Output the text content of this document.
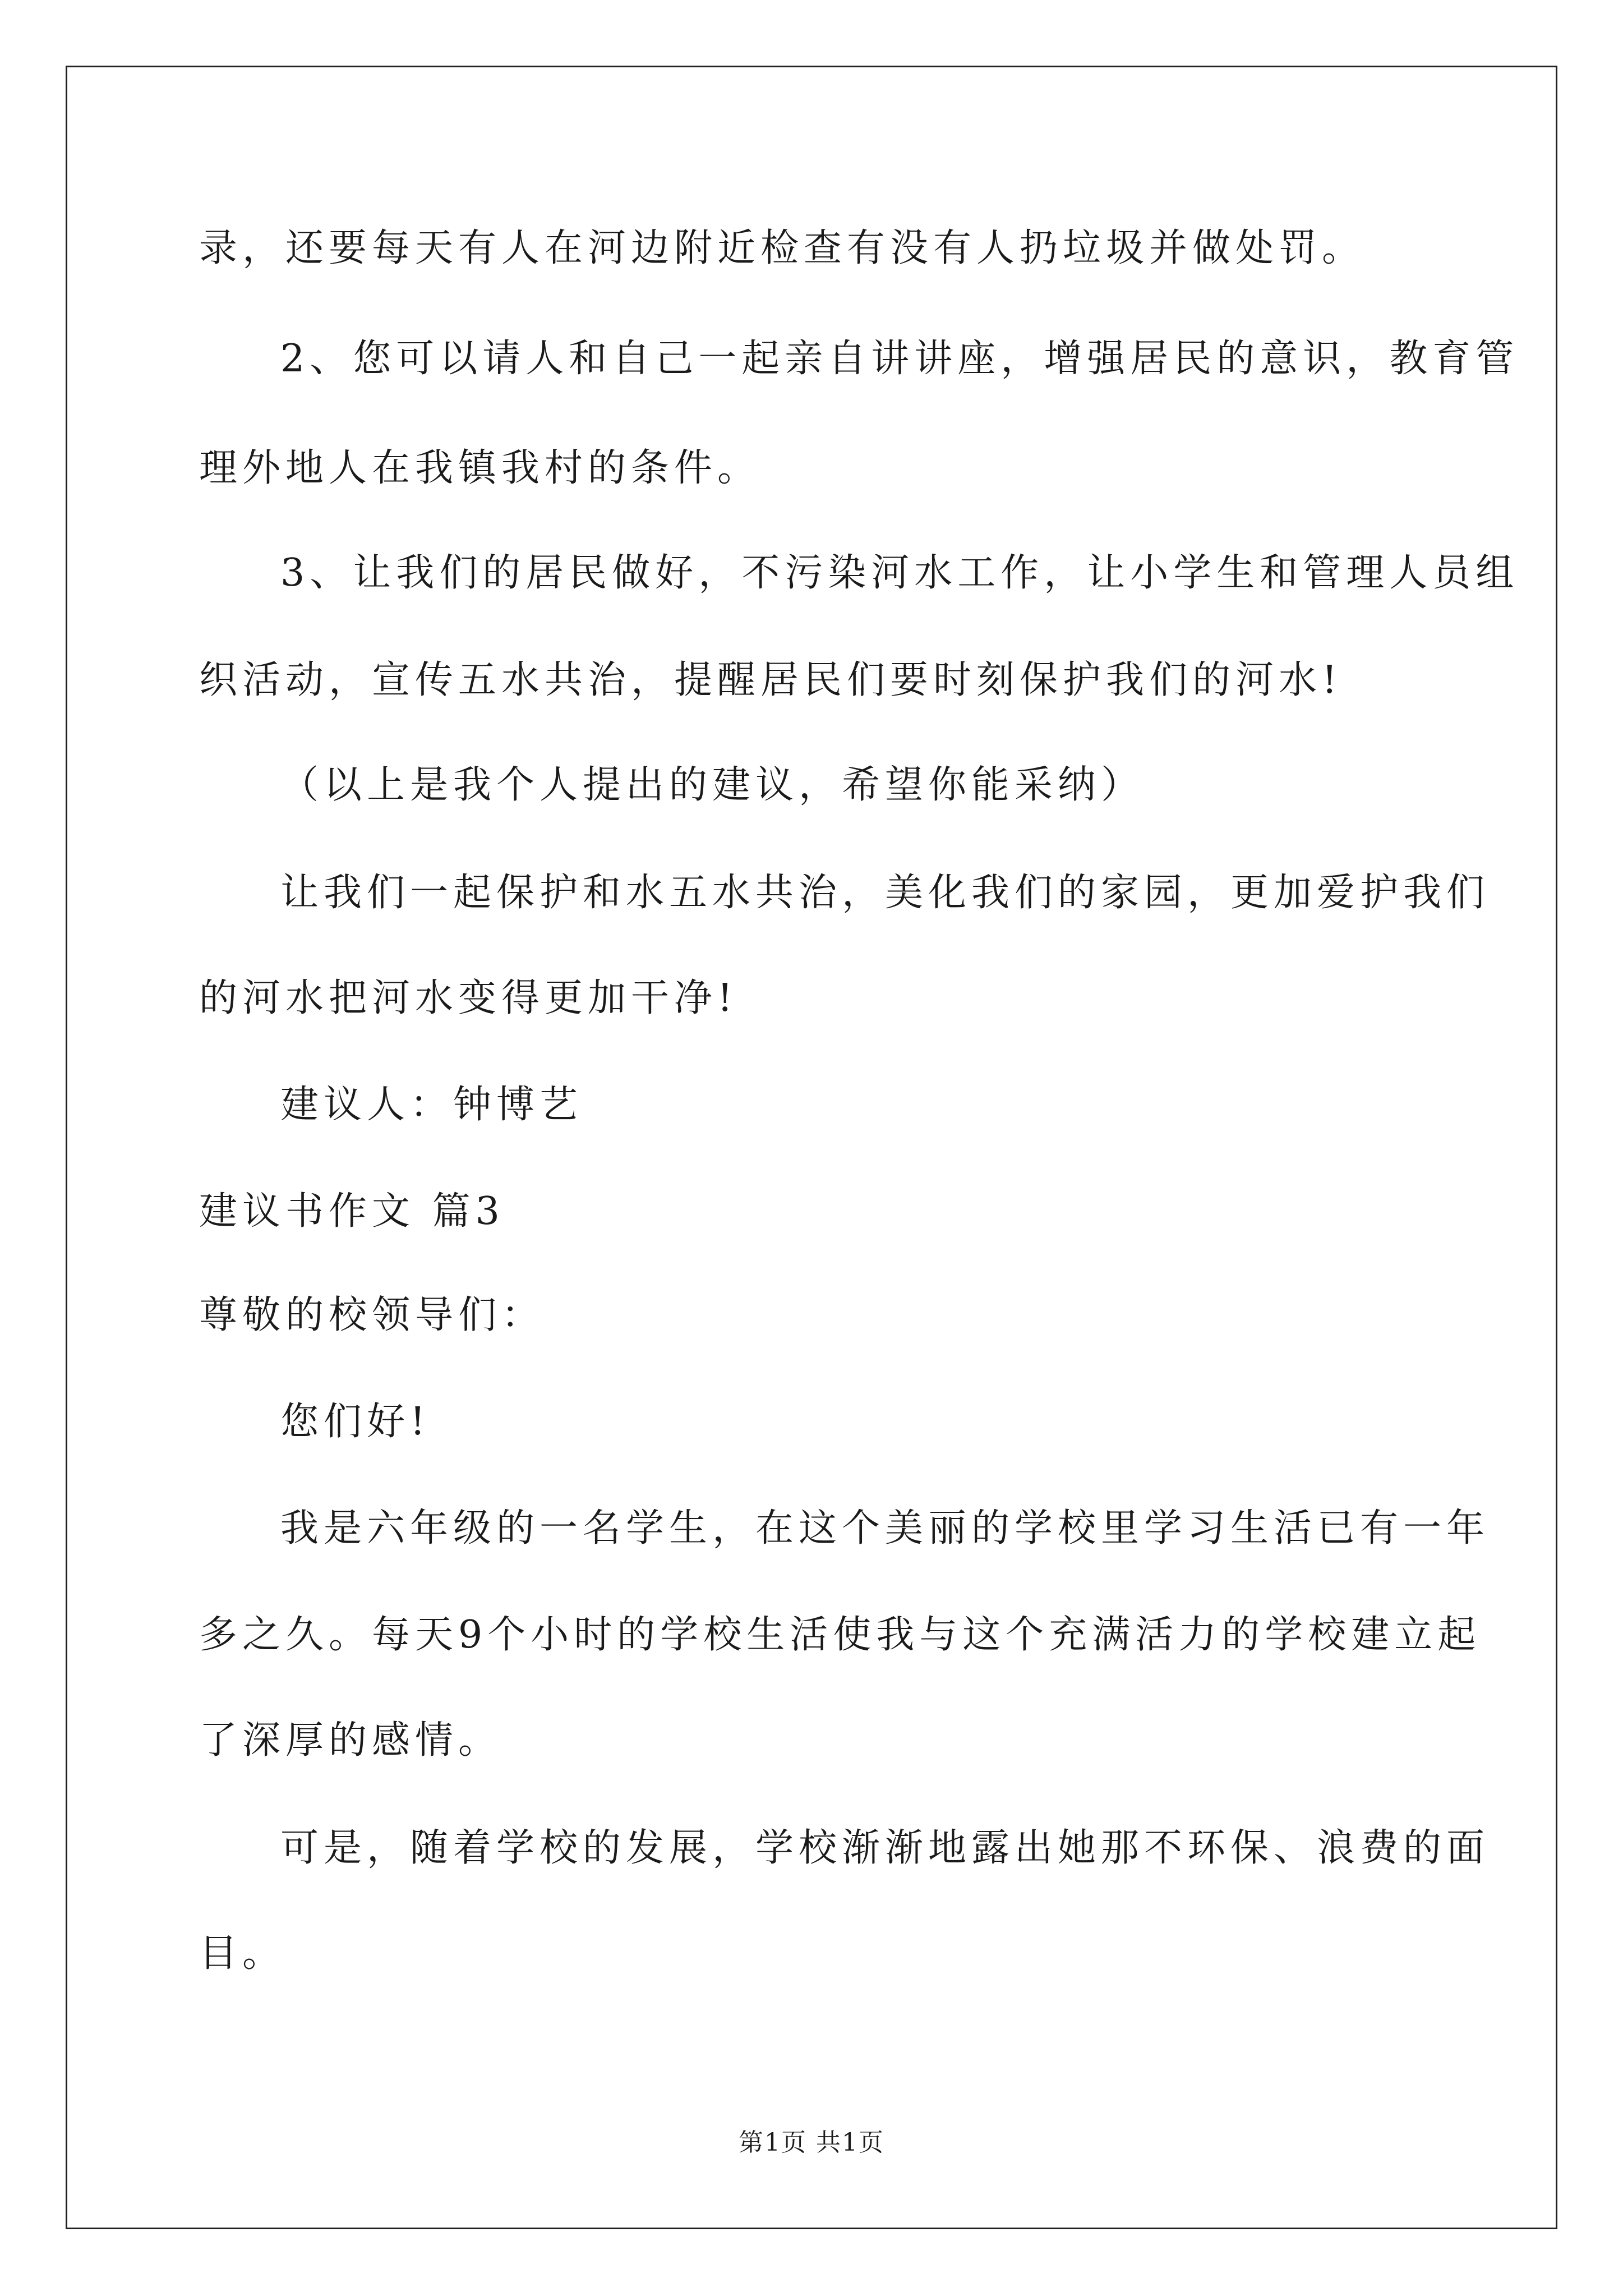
录，还要每天有人在河边附近检查有没有人扔垃圾并做处罚。
2、您可以请人和自己一起亲自讲讲座，增强居民的意识，教育管
理外地人在我镇我村的条件。
3、让我们的居民做好，不污染河水工作，让小学生和管理人员组
织活动，宣传五水共治，提醒居民们要时刻保护我们的河水!
（以上是我个人提出的建议，希望你能采纳）
让我们一起保护和水五水共治，美化我们的家园，更加爱护我们
的河水把河水变得更加干净!
建议人：钟博艺
建议书作文 篇3
尊敬的校领导们：
您们好!
我是六年级的一名学生，在这个美丽的学校里学习生活已有一年
多之久。每天9个小时的学校生活使我与这个充满活力的学校建立起
了深厚的感情。
可是，随着学校的发展，学校渐渐地露出她那不环保、浪费的面
目。
第1页 共1页
